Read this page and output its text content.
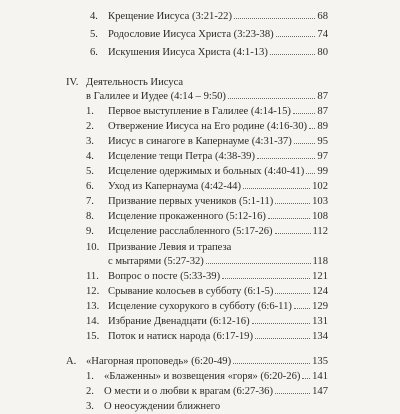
4. Крещение Иисуса (3:21-22)	68
5. Родословие Иисуса Христа (3:23-38)	74
6. Искушения Иисуса Христа (4:1-13)	80
IV. Деятельность Иисуса
в Галилее и Иудее (4:14 – 9:50)	87
1.	Первое выступление в Галилее (4:14-15) 87
2.	Отвержение Иисуса на Его родине (4:16-30) 89
3.	Иисус в синагоге в Капернауме (4:31-37) 95
4.	Исцеление тещи Петра (4:38-39)	97
5.	Исцеление одержимых и больных (4:40-41) 99
6.	Уход из Капернаума (4:42-44)	102
7.	Призвание первых учеников (5:1-11)	103
8.	Исцеление прокаженного (5:12-16)	108
9.	Исцеление расслабленного (5:17-26)	112
10. Призвание Левия и трапеза
с мытарями (5:27-32)	118
11. Вопрос о посте (5:33-39)	121
12. Срывание колосьев в субботу (6:1-5)	124
13. Исцеление сухорукого в субботу (6:6-11) 129
14. Избрание Двенадцати (6:12-16)	131
15. Поток и натиск народа (6:17-19)	134
A. «Нагорная проповедь» (6:20-49)	135
1. «Блаженны» и возвещения «горя» (6:20-26) 141
2. О мести и о любви к врагам (6:27-36)	147
3. О неосуждении ближнего
